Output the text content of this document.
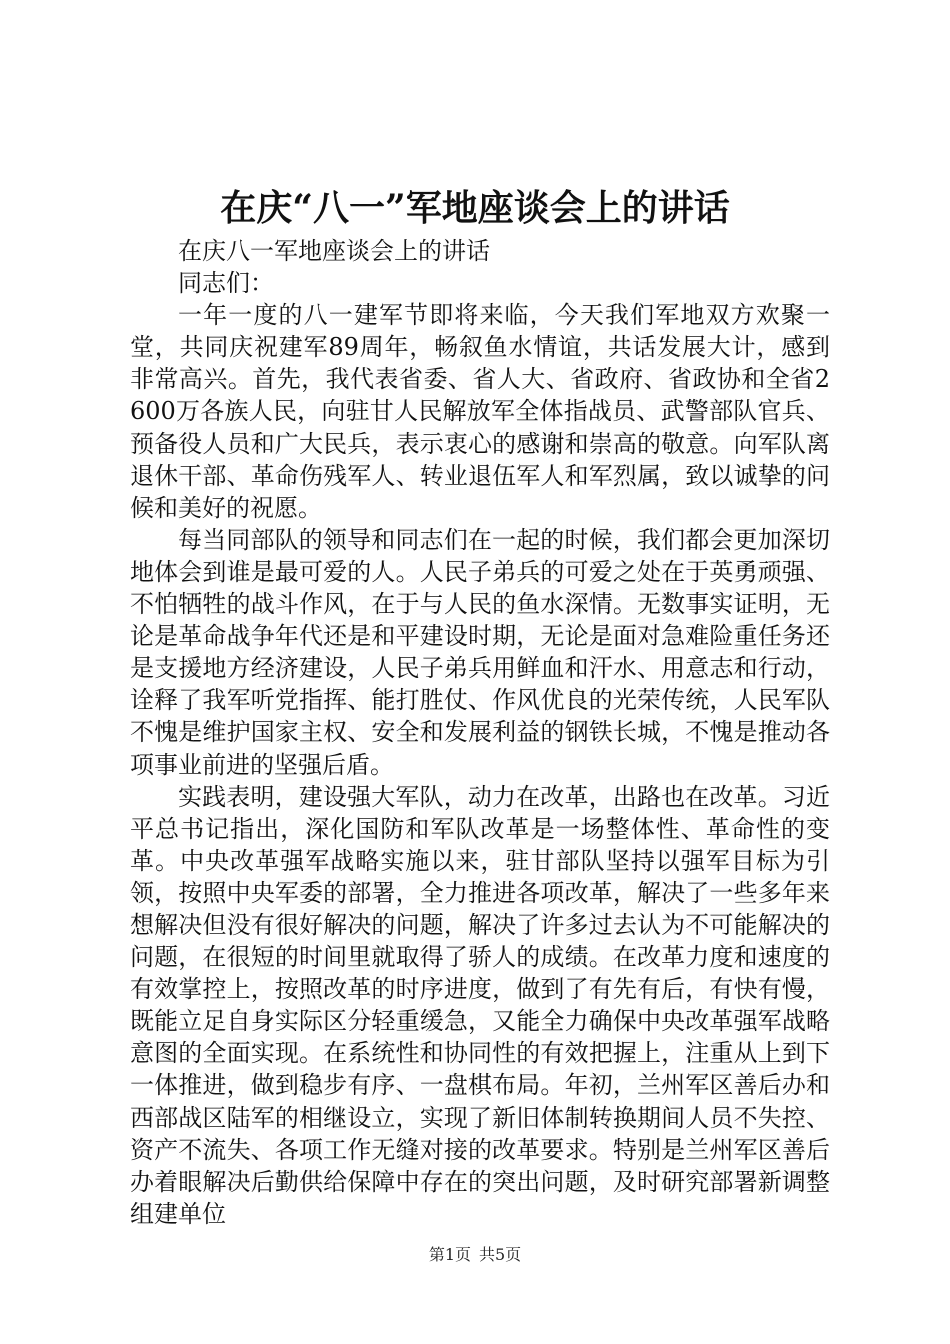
在庆“八一”军地座谈会上的讲话

在庆八一军地座谈会上的讲话

同志们：

一年一度的八一建军节即将来临，今天我们军地双方欢聚一堂，共同庆祝建军89周年，畅叙鱼水情谊，共话发展大计，感到非常高兴。首先，我代表省委、省人大、省政府、省政协和全省2600万各族人民，向驻甘人民解放军全体指战员、武警部队官兵、预备役人员和广大民兵，表示衷心的感谢和崇高的敬意。向军队离退休干部、革命伤残军人、转业退伍军人和军烈属，致以诚挚的问候和美好的祝愿。

每当同部队的领导和同志们在一起的时候，我们都会更加深切地体会到谁是最可爱的人。人民子弟兵的可爱之处在于英勇顽强、不怕牺牲的战斗作风，在于与人民的鱼水深情。无数事实证明，无论是革命战争年代还是和平建设时期，无论是面对急难险重任务还是支援地方经济建设，人民子弟兵用鲜血和汗水、用意志和行动，诠释了我军听党指挥、能打胜仗、作风优良的光荣传统，人民军队不愧是维护国家主权、安全和发展利益的钢铁长城，不愧是推动各项事业前进的坚强后盾。

实践表明，建设强大军队，动力在改革，出路也在改革。习近平总书记指出，深化国防和军队改革是一场整体性、革命性的变革。中央改革强军战略实施以来，驻甘部队坚持以强军目标为引领，按照中央军委的部署，全力推进各项改革，解决了一些多年来想解决但没有很好解决的问题，解决了许多过去认为不可能解决的问题，在很短的时间里就取得了骄人的成绩。在改革力度和速度的有效掌控上，按照改革的时序进度，做到了有先有后，有快有慢，既能立足自身实际区分轻重缓急，又能全力确保中央改革强军战略意图的全面实现。在系统性和协同性的有效把握上，注重从上到下一体推进，做到稳步有序、一盘棋布局。年初，兰州军区善后办和西部战区陆军的相继设立，实现了新旧体制转换期间人员不失控、资产不流失、各项工作无缝对接的改革要求。特别是兰州军区善后办着眼解决后勤供给保障中存在的突出问题，及时研究部署新调整组建单位

第1页 共5页
